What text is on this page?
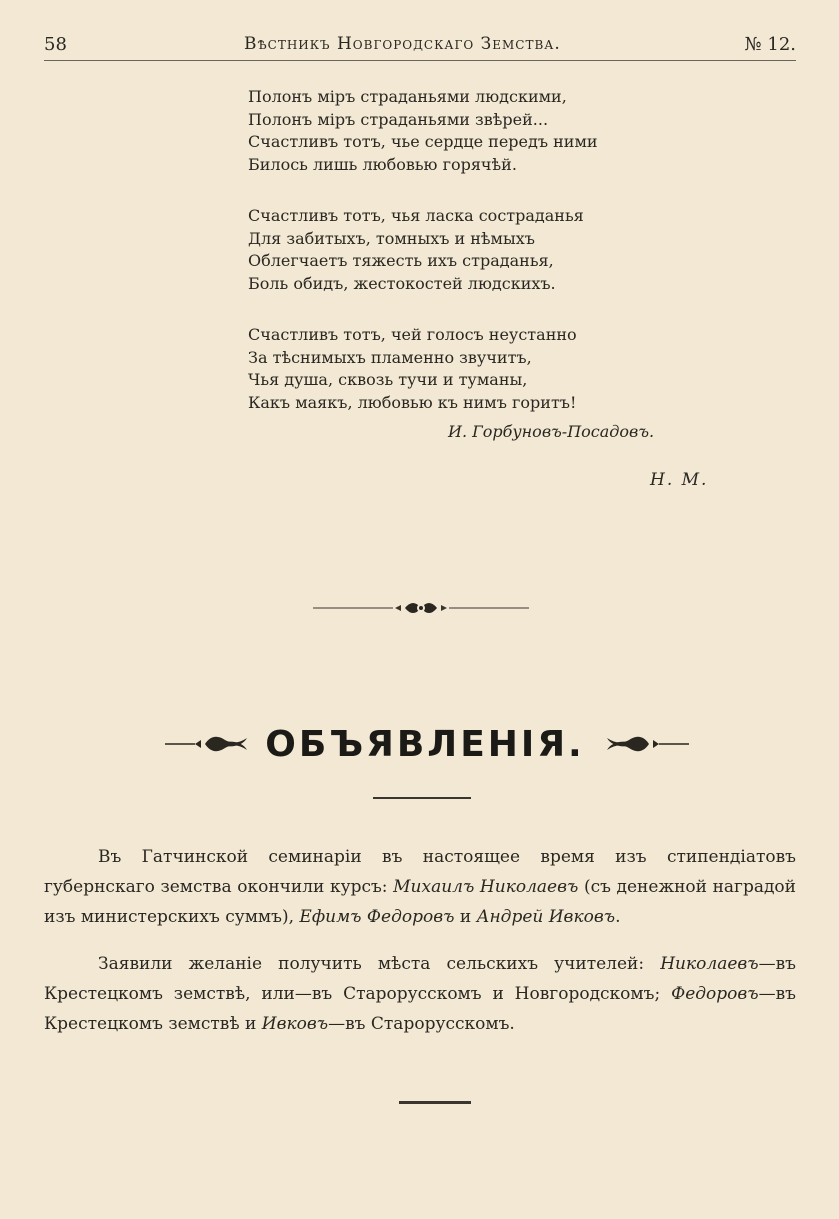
58	Вѣстникъ Новгородскаго Земства.	№ 12.
Полонъ міръ страданьями людскими,
Полонъ міръ страданьями звѣрей...
Счастливъ тотъ, чье сердце передъ ними
Билось лишь любовью горячѣй.
Счастливъ тотъ, чья ласка состраданья
Для забитыхъ, томныхъ и нѣмыхъ
Облегчаетъ тяжесть ихъ страданья,
Боль обидъ, жестокостей людскихъ.
Счастливъ тотъ, чей голосъ неустанно
За тѣснимыхъ пламенно звучитъ,
Чья душа, сквозь тучи и туманы,
Какъ маякъ, любовью къ нимъ горитъ!
И. Горбуновъ-Посадовъ.
Н. М.
ОБЪЯВЛЕНІЯ.

Въ Гатчинской семинаріи въ настоящее время изъ стипендіатовъ губернскаго земства окончили курсъ: Михаилъ Николаевъ (съ денежной наградой изъ министерскихъ суммъ), Ефимъ Федоровъ и Андрей Ивковъ.

Заявили желаніе получить мѣста сельскихъ учителей: Николаевъ—въ Крестецкомъ земствѣ, или—въ Старорусскомъ и Новгородскомъ; Федоровъ—въ Крестецкомъ земствѣ и Ивковъ—въ Старорусскомъ.
